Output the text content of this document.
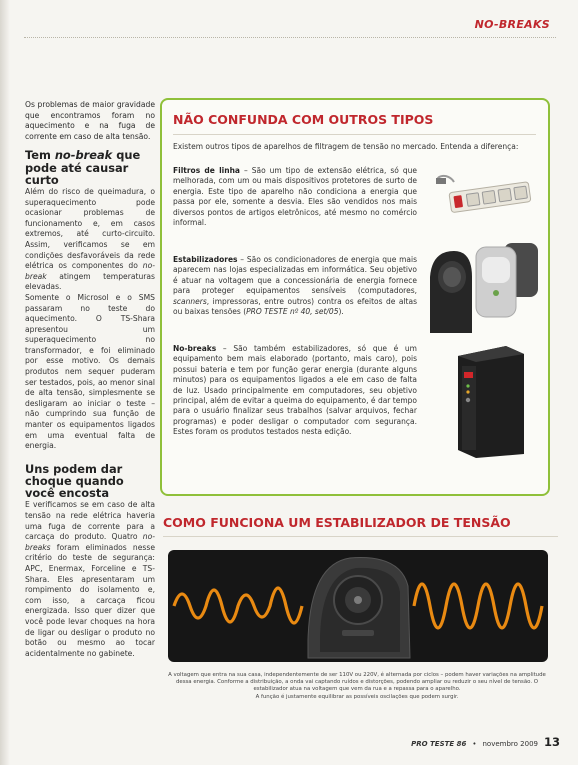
NO-BREAKS

Os problemas de maior gravidade que encontramos foram no aquecimento e na fuga de corrente em caso de alta tensão.

Tem no-break que pode até causar curto

Além do risco de queimadura, o superaquecimento pode ocasionar problemas de funcionamento e, em casos extremos, até curto-circuito. Assim, verificamos se em condições desfavoráveis da rede elétrica os componentes do no-break atingem temperaturas elevadas.

Somente o Microsol e o SMS passaram no teste do aquecimento. O TS-Shara apresentou um superaquecimento no transformador, e foi eliminado por esse motivo. Os demais produtos nem sequer puderam ser testados, pois, ao menor sinal de alta tensão, simplesmente se desligaram ao iniciar o teste – não cumprindo sua função de manter os equipamentos ligados em uma eventual falta de energia.

Uns podem dar choque quando você encosta

E verificamos se em caso de alta tensão na rede elétrica haveria uma fuga de corrente para a carcaça do produto. Quatro no-breaks foram eliminados nesse critério do teste de segurança: APC, Enermax, Forceline e TS-Shara. Eles apresentaram um rompimento do isolamento e, com isso, a carcaça ficou energizada. Isso quer dizer que você pode levar choques na hora de ligar ou desligar o produto no botão ou mesmo ao tocar acidentalmente no gabinete.

NÃO CONFUNDA COM OUTROS TIPOS
Existem outros tipos de aparelhos de filtragem de tensão no mercado. Entenda a diferença:

Filtros de linha – São um tipo de extensão elétrica, só que melhorada, com um ou mais dispositivos protetores de surto de energia. Este tipo de aparelho não condiciona a energia que passa por ele, somente a desvia. Eles são vendidos nos mais diversos pontos de artigos eletrônicos, até mesmo no comércio informal.

Estabilizadores – São os condicionadores de energia que mais aparecem nas lojas especializadas em informática. Seu objetivo é atuar na voltagem que a concessionária de energia fornece para proteger equipamentos sensíveis (computadores, scanners, impressoras, entre outros) contra os efeitos de altas ou baixas tensões (PRO TESTE nº 40, set/05).

No-breaks – São também estabilizadores, só que é um equipamento bem mais elaborado (portanto, mais caro), pois possui bateria e tem por função gerar energia (durante alguns minutos) para os equipamentos ligados a ele em caso de falta de luz. Usado principalmente em computadores, seu objetivo principal, além de evitar a queima do equipamento, é dar tempo para o usuário finalizar seus trabalhos (salvar arquivos, fechar programas) e poder desligar o computador com segurança. Estes foram os produtos testados nesta edição.

COMO FUNCIONA UM ESTABILIZADOR DE TENSÃO
A voltagem que entra na sua casa, independentemente de ser 110V ou 220V, é alternada por ciclos – podem haver variações na amplitude dessa energia. Conforme a distribuição, a onda vai captando ruídos e distorções, podendo ampliar ou reduzir o seu nível de tensão. O estabilizador atua na voltagem que vem da rua e a repassa para o aparelho.
A função é justamente equilibrar as possíveis oscilações que podem surgir.
PRO TESTE 86 • novembro 2009 13
